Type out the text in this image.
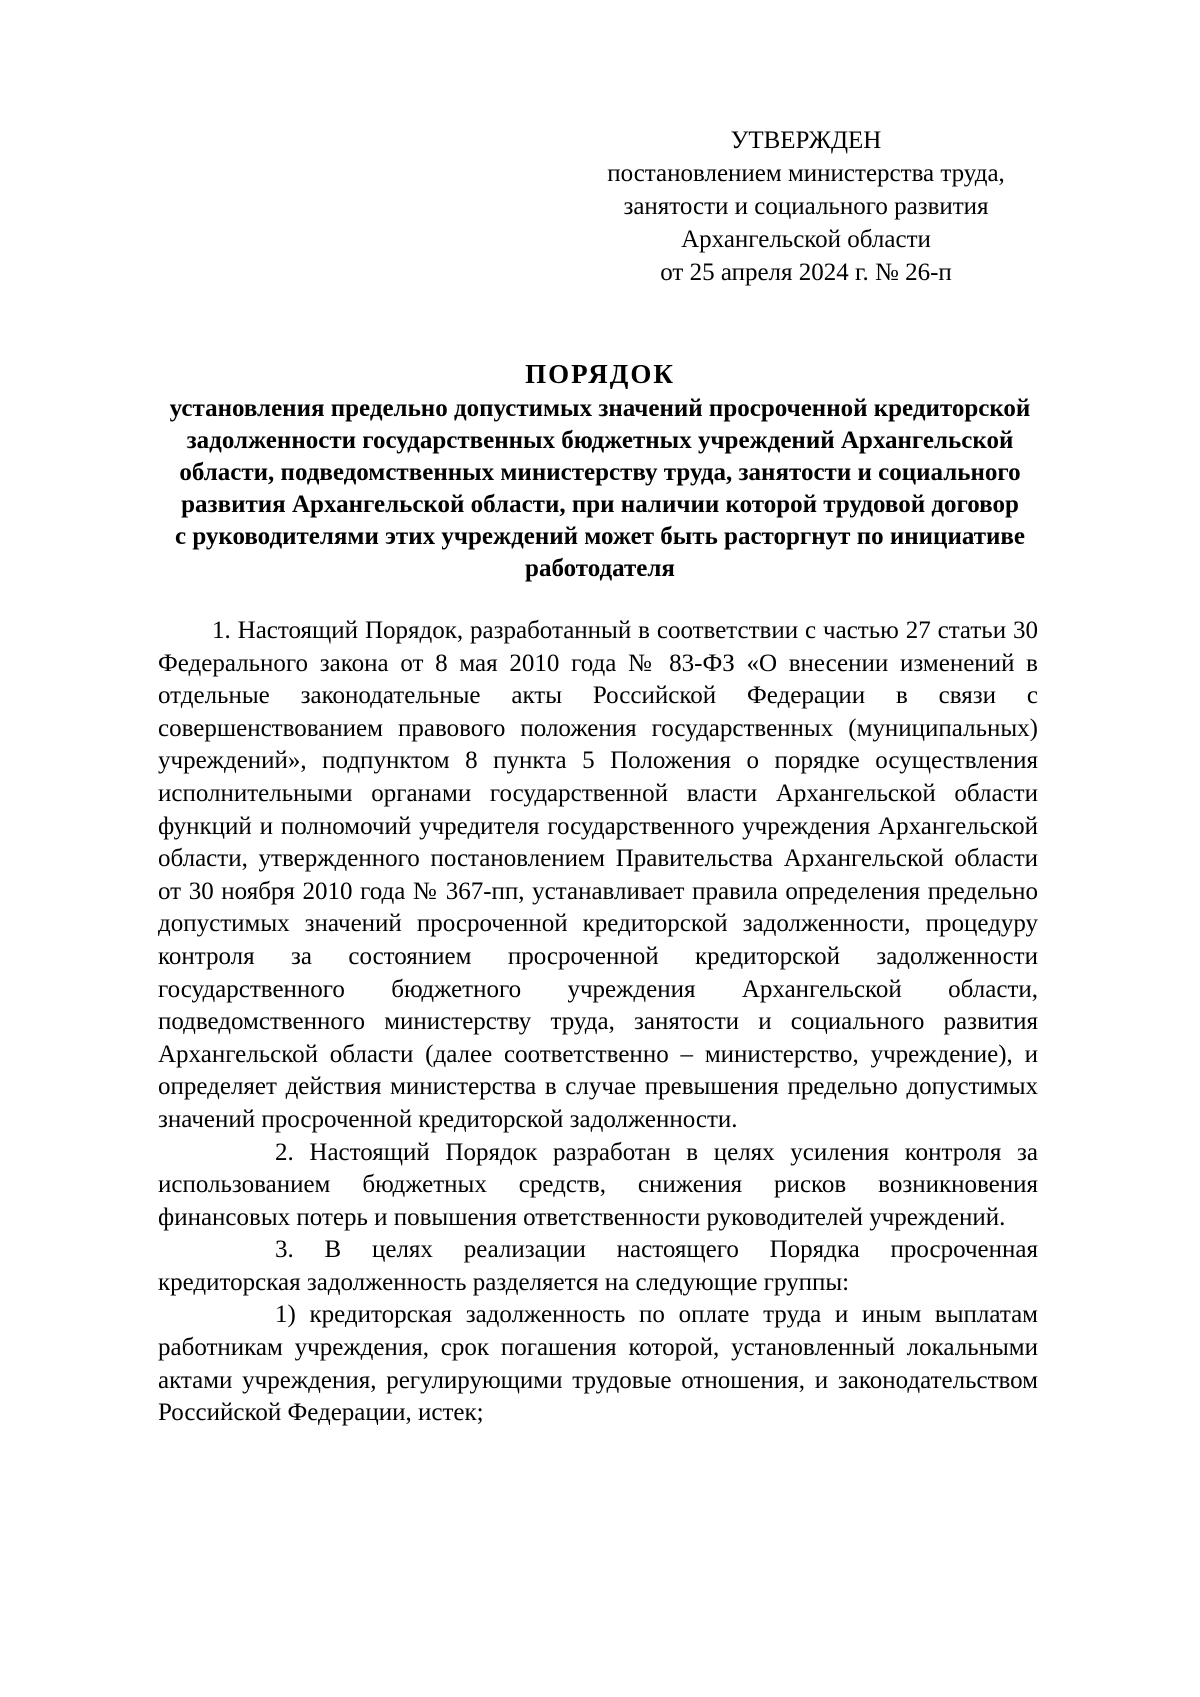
УТВЕРЖДЕН
постановлением министерства труда,
занятости и социального развития
Архангельской области
от 25 апреля 2024 г. № 26-п
ПОРЯДОК
установления предельно допустимых значений просроченной кредиторской
задолженности государственных бюджетных учреждений Архангельской
области, подведомственных министерству труда, занятости и социального
развития Архангельской области, при наличии которой трудовой договор
с руководителями этих учреждений может быть расторгнут по инициативе
работодателя

1. Настоящий Порядок, разработанный в соответствии с частью 27 статьи 30 Федерального закона от 8 мая 2010 года № 83-ФЗ «О внесении изменений в отдельные законодательные акты Российской Федерации в связи с совершенствованием правового положения государственных (муниципальных) учреждений», подпунктом 8 пункта 5 Положения о порядке осуществления исполнительными органами государственной власти Архангельской области функций и полномочий учредителя государственного учреждения Архангельской области, утвержденного постановлением Правительства Архангельской области от 30 ноября 2010 года № 367-пп, устанавливает правила определения предельно допустимых значений просроченной кредиторской задолженности, процедуру контроля за состоянием просроченной кредиторской задолженности государственного бюджетного учреждения Архангельской области, подведомственного министерству труда, занятости и социального развития Архангельской области (далее соответственно – министерство, учреждение), и определяет действия министерства в случае превышения предельно допустимых значений просроченной кредиторской задолженности.

2. Настоящий Порядок разработан в целях усиления контроля за использованием бюджетных средств, снижения рисков возникновения финансовых потерь и повышения ответственности руководителей учреждений.

3. В целях реализации настоящего Порядка просроченная кредиторская задолженность разделяется на следующие группы:

1) кредиторская задолженность по оплате труда и иным выплатам работникам учреждения, срок погашения которой, установленный локальными актами учреждения, регулирующими трудовые отношения, и законодательством Российской Федерации, истек;
